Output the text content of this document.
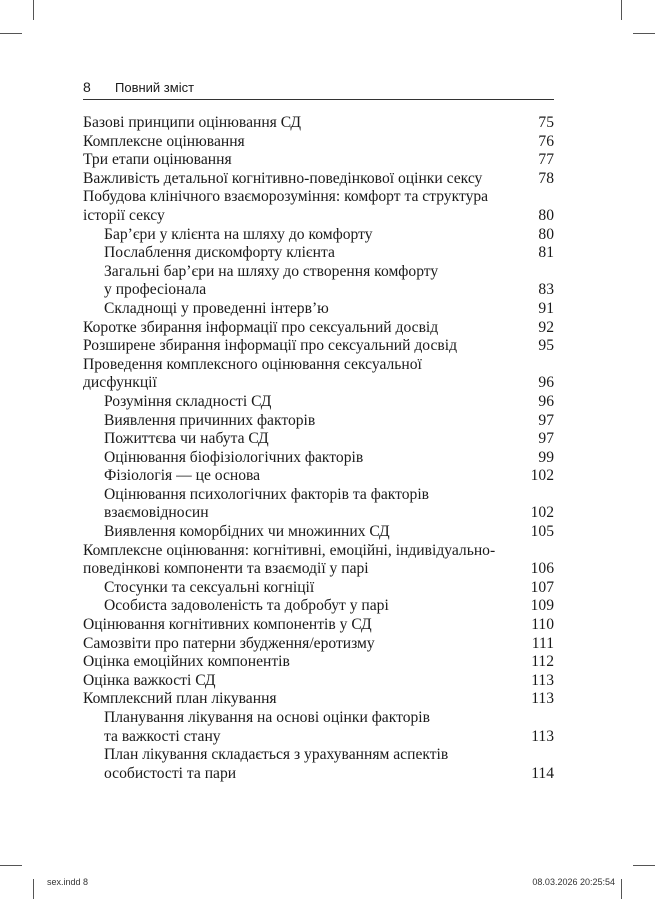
8 Повний зміст
Базові принципи оцінювання СД	75
Комплексне оцінювання	76
Три етапи оцінювання	77
Важливість детальної когнітивно-поведінкової оцінки сексу	78
Побудова клінічного взаєморозуміння: комфорт та структура
історії сексу	80
Бар’єри у клієнта на шляху до комфорту	80
Послаблення дискомфорту клієнта	81
Загальні бар’єри на шляху до створення комфорту
у професіонала	83
Складнощі у проведенні інтерв’ю	91
Коротке збирання інформації про сексуальний досвід	92
Розширене збирання інформації про сексуальний досвід	95
Проведення комплексного оцінювання сексуальної
дисфункції	96
Розуміння складності СД	96
Виявлення причинних факторів	97
Пожиттєва чи набута СД	97
Оцінювання біофізіологічних факторів	99
Фізіологія — це основа	102
Оцінювання психологічних факторів та факторів
взаємовідносин	102
Виявлення коморбідних чи множинних СД	105
Комплексне оцінювання: когнітивні, емоційні, індивідуально-
поведінкові компоненти та взаємодії у парі	106
Стосунки та сексуальні когніції	107
Особиста задоволеність та добробут у парі	109
Оцінювання когнітивних компонентів у СД	110
Самозвіти про патерни збудження/еротизму	111
Оцінка емоційних компонентів	112
Оцінка важкості СД	113
Комплексний план лікування	113
Планування лікування на основі оцінки факторів
та важкості стану	113
План лікування складається з урахуванням аспектів
особистості та пари	114
sex.indd 8	08.03.2026 20:25:54
